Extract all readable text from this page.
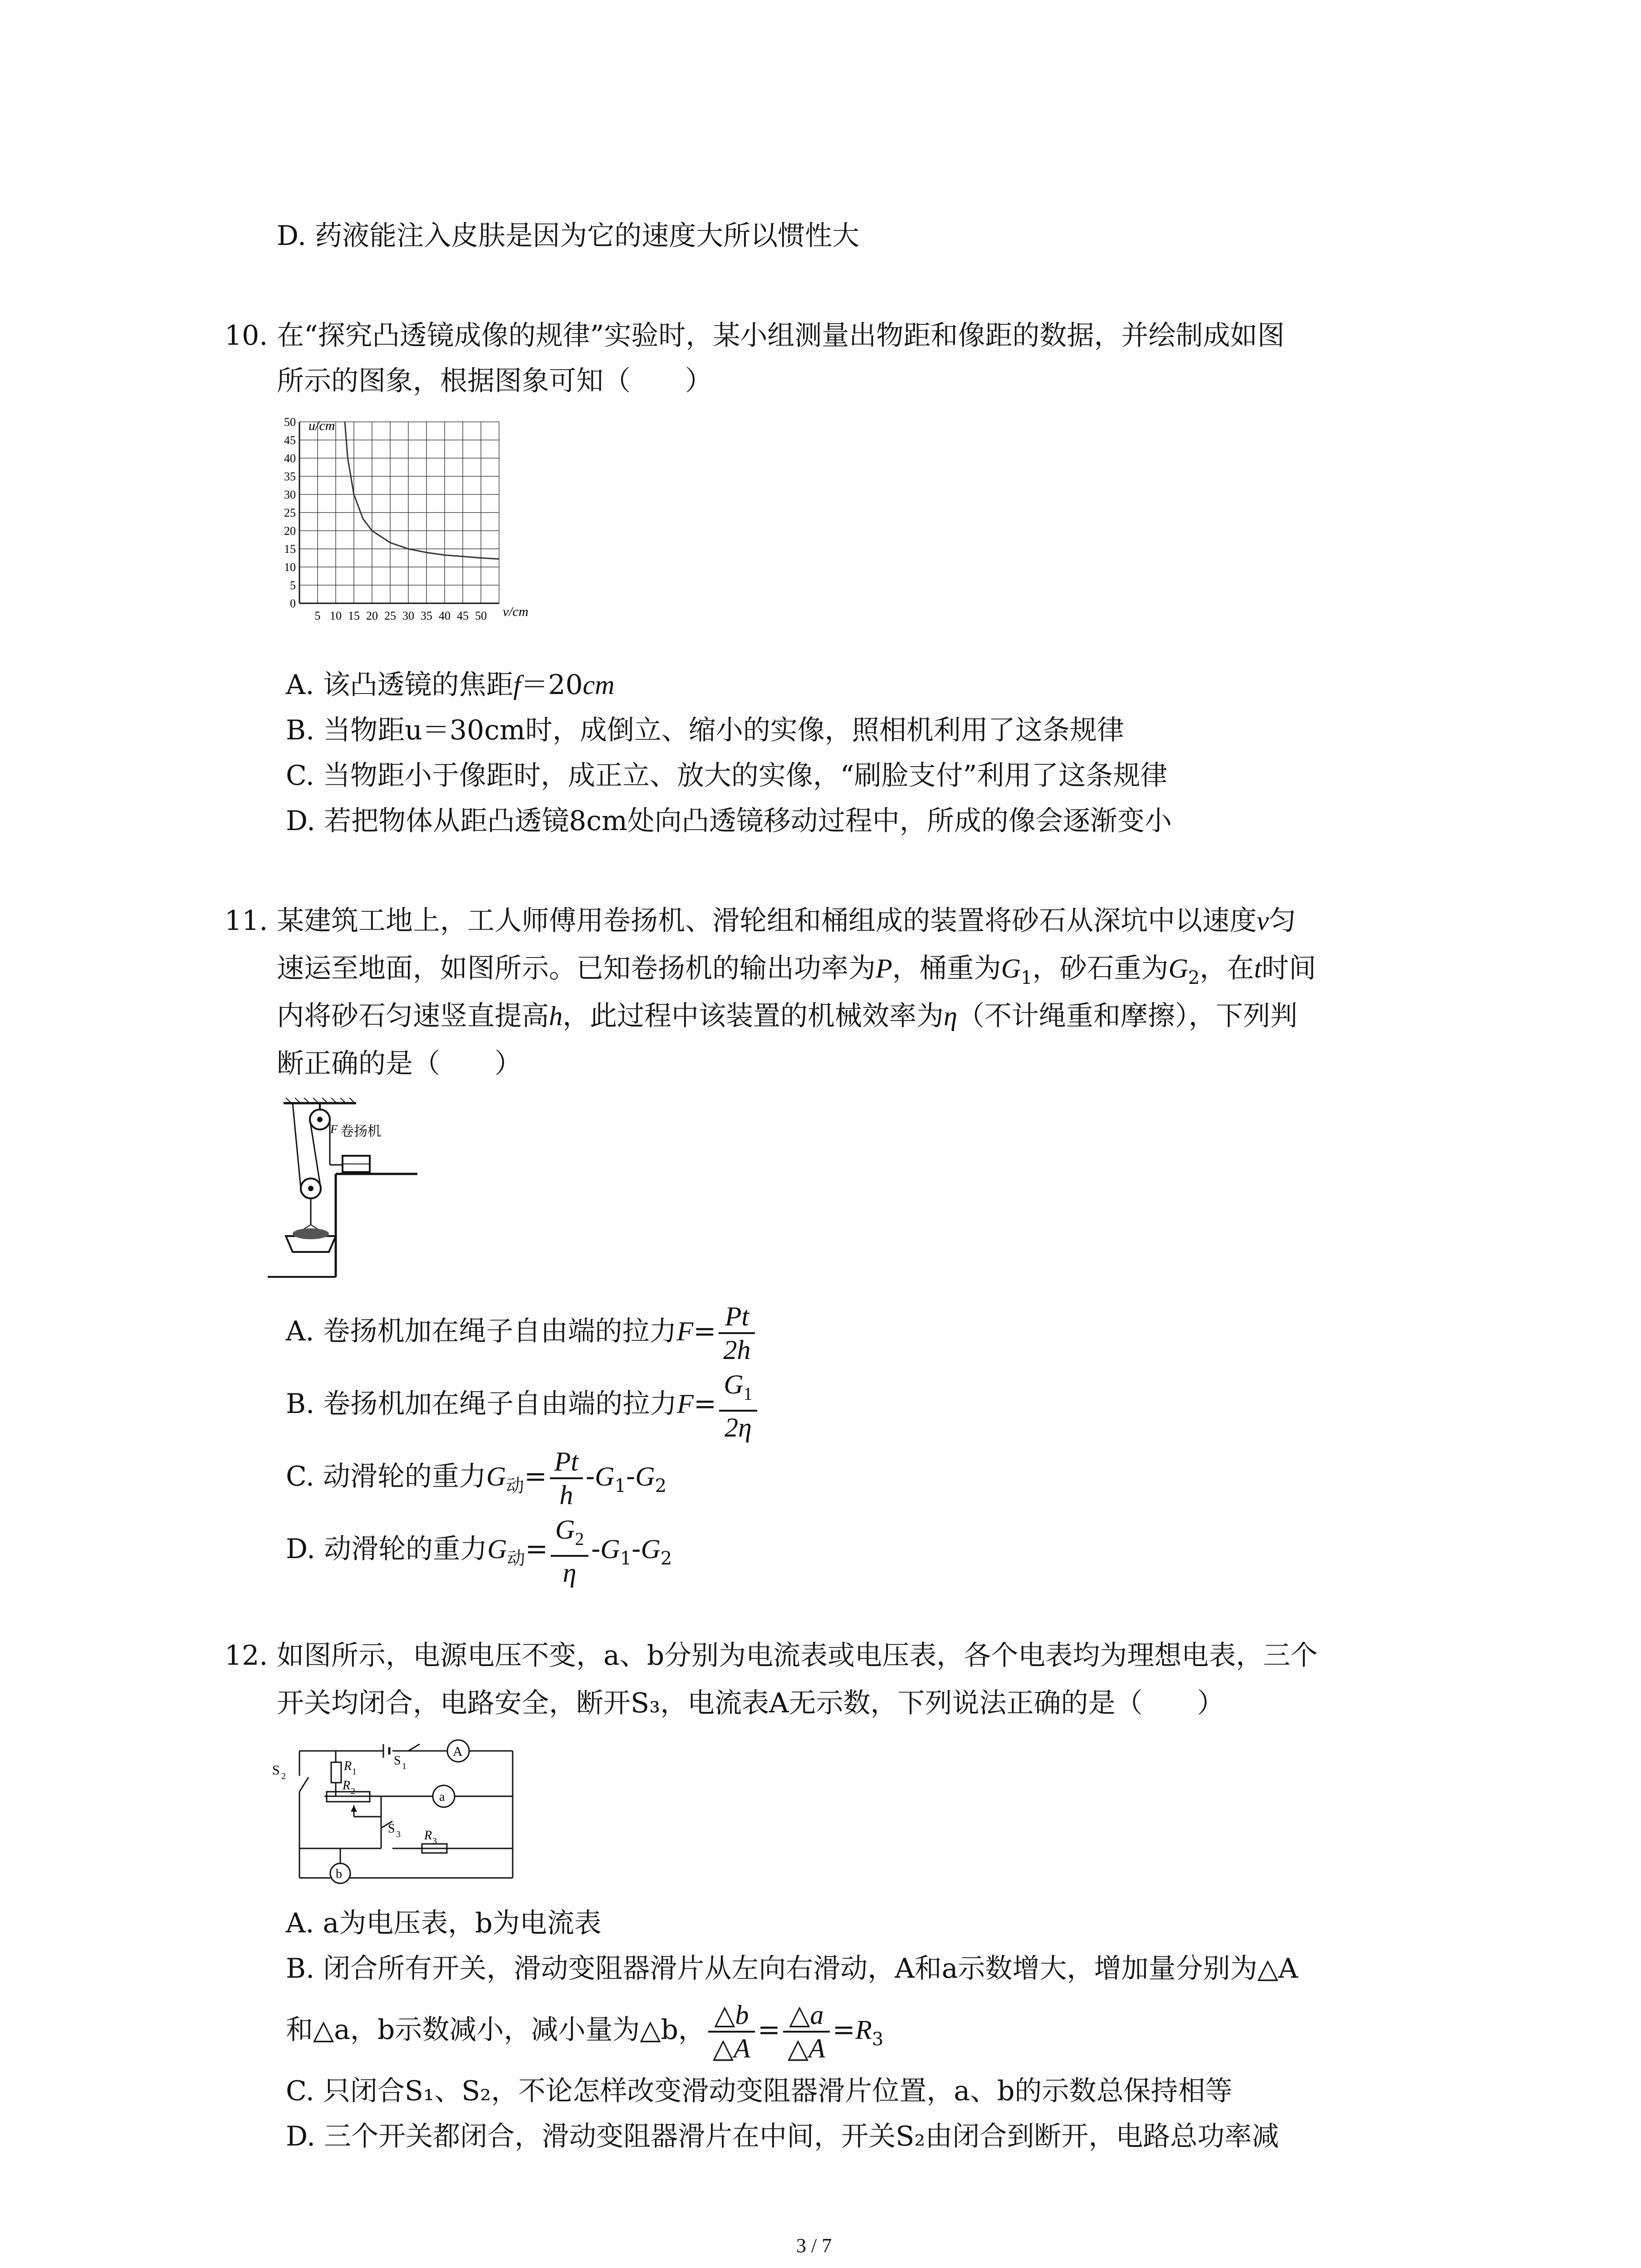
D. 药液能注入皮肤是因为它的速度大所以惯性大
10. 在“探究凸透镜成像的规律”实验时，某小组测量出物距和像距的数据，并绘制成如图
所示的图象，根据图象可知（　　）
0
5
10
15
20
25
30
35
40
45
50
5 10 15 20 25 30 35 40 45 50
u/cm
v/cm
A. 该凸透镜的焦距f＝20cm
B. 当物距u＝30cm时，成倒立、缩小的实像，照相机利用了这条规律
C. 当物距小于像距时，成正立、放大的实像，“刷脸支付”利用了这条规律
D. 若把物体从距凸透镜8cm处向凸透镜移动过程中，所成的像会逐渐变小
11. 某建筑工地上，工人师傅用卷扬机、滑轮组和桶组成的装置将砂石从深坑中以速度v匀
速运至地面，如图所示。已知卷扬机的输出功率为P，桶重为$G_1$，砂石重为$G_2$，在t时间
内将砂石匀速竖直提高h，此过程中该装置的机械效率为η（不计绳重和摩擦），下列判
断正确的是（　　）
F 卷扬机
A. 卷扬机加在绳子自由端的拉力$F= \frac{Pt}{2h}$
B. 卷扬机加在绳子自由端的拉力$F= \frac{G_1}{2\eta}$
C. 动滑轮的重力$G_动= \frac{Pt}{h} -G_1-G_2$
D. 动滑轮的重力$G_动= \frac{G_2}{\eta} -G_1-G_2$
12. 如图所示，电源电压不变，a、b分别为电流表或电压表，各个电表均为理想电表，三个
开关均闭合，电路安全，断开S₃，电流表A无示数，下列说法正确的是（　　）
A
a
b
S 2
R 1
R 2
S 1
S 3 R 3
A. a为电压表，b为电流表
B. 闭合所有开关，滑动变阻器滑片从左向右滑动，A和a示数增大，增加量分别为△A
和△a，b示数减小，减小量为△b， $\frac{\triangle b}{\triangle A} = \frac{\triangle a}{\triangle A} =R_3$
C. 只闭合S₁、S₂，不论怎样改变滑动变阻器滑片位置，a、b的示数总保持相等
D. 三个开关都闭合，滑动变阻器滑片在中间，开关S₂由闭合到断开，电路总功率减
3 / 7
